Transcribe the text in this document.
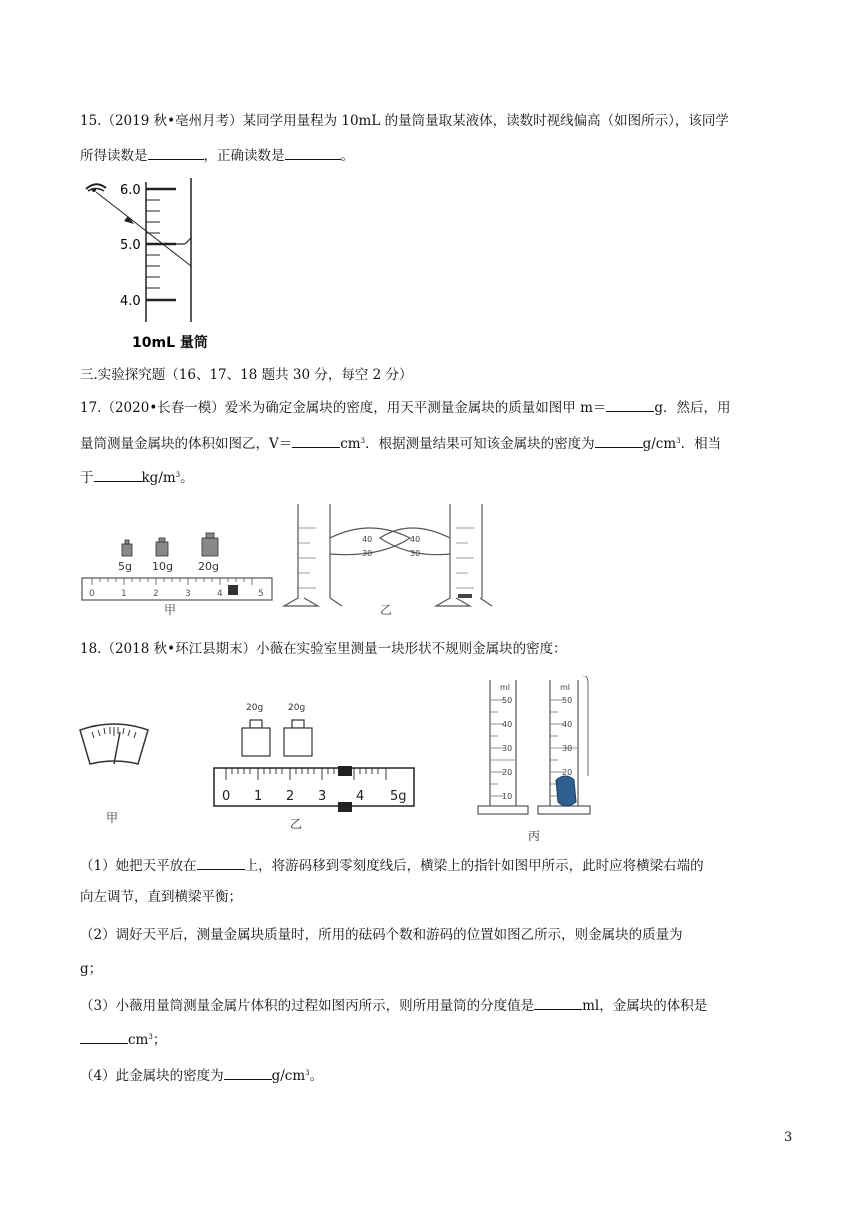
15.（2019 秋•亳州月考）某同学用量程为 10mL 的量筒量取某液体，读数时视线偏高（如图所示），该同学
所得读数是	，正确读数是	。
6.0
5.0
4.0
10mL 量筒
三.实验探究题（16、17、18 题共 30 分，每空 2 分）
17.（2020•长春一模）爱米为确定金属块的密度，用天平测量金属块的质量如图甲 m＝	g．然后，用
量筒测量金属块的体积如图乙，V＝	$cm^3$．根据测量结果可知该金属块的密度为	$g/cm^3$．相当
于	$kg/m^3$。
5g 10g 20g
0	1	2	3	4	5
甲
40
30
40
30
乙
18.（2018 秋•环江县期末）小薇在实验室里测量一块形状不规则金属块的密度：
甲
20g	20g
0 1 2 3 4 5g
乙
ml	ml
50
40
30
20
10
50
40
30
20
丙
（1）她把天平放在	上，将游码移到零刻度线后，横梁上的指针如图甲所示，此时应将横梁右端的
向左调节，直到横梁平衡；
（2）调好天平后，测量金属块质量时，所用的砝码个数和游码的位置如图乙所示，则金属块的质量为
g；
（3）小薇用量筒测量金属片体积的过程如图丙所示，则所用量筒的分度值是	ml，金属块的体积是
$cm^3$；
（4）此金属块的密度为	$g/cm^3$。
3
